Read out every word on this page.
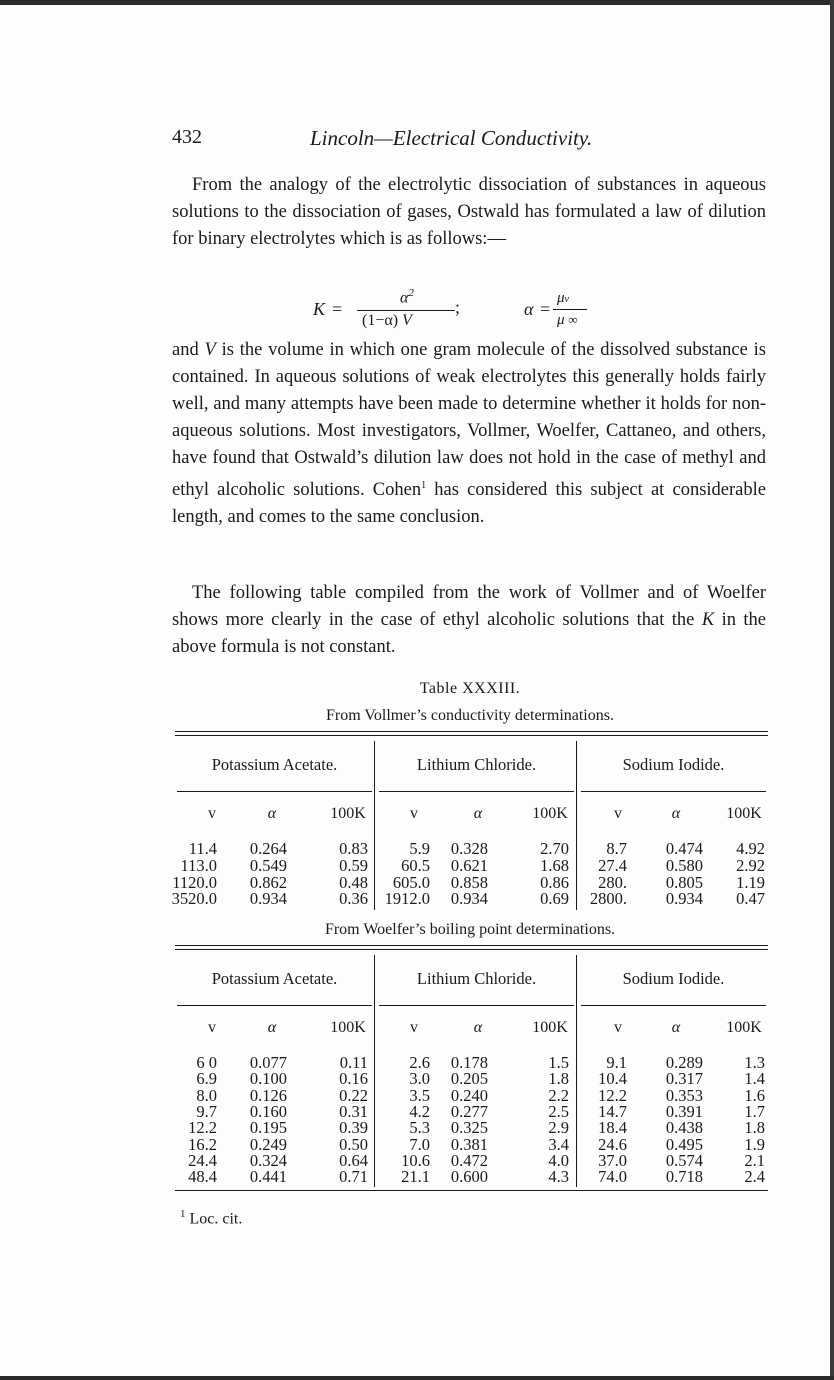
432	Lincoln—Electrical Conductivity.

From the analogy of the electrolytic dissociation of substances in aqueous solutions to the dissociation of gases, Ostwald has formulated a law of dilution for binary electrolytes which is as follows:—

K =
$\alpha^2$
(1−α) V
;	α =
μv
μ ∞

and V is the volume in which one gram molecule of the dissolved substance is contained. In aqueous solutions of weak electrolytes this generally holds fairly well, and many attempts have been made to determine whether it holds for non-aqueous solutions. Most investigators, Vollmer, Woelfer, Cattaneo, and others, have found that Ostwald’s dilution law does not hold in the case of methyl and ethyl alcoholic solutions. Cohen$^1$ has considered this subject at considerable length, and comes to the same conclusion.

The following table compiled from the work of Vollmer and of Woelfer shows more clearly in the case of ethyl alcoholic solutions that the K in the above formula is not constant.

Table XXXIII.
From Vollmer’s conductivity determinations.
From Woelfer’s boiling point determinations.
Potassium Acetate.
v	α	100K
Lithium Chloride.
v	α	100K
Sodium Iodide.
v	α	100K
11.4	0.264	0.83	5.9	0.328	2.70	8.7	0.474	4.92
113.0	0.549	0.59	60.5	0.621	1.68	27.4	0.580	2.92
1120.0	0.862	0.48	605.0	0.858	0.86	280.	0.805	1.19
3520.0	0.934	0.36	1912.0	0.934	0.69	2800.	0.934	0.47
Potassium Acetate.
v	α	100K
Lithium Chloride.
v	α	100K
Sodium Iodide.
v	α	100K
6 0	0.077	0.11	2.6	0.178	1.5	9.1	0.289	1.3
6.9	0.100	0.16	3.0	0.205	1.8	10.4	0.317	1.4
8.0	0.126	0.22	3.5	0.240	2.2	12.2	0.353	1.6
9.7	0.160	0.31	4.2	0.277	2.5	14.7	0.391	1.7
12.2	0.195	0.39	5.3	0.325	2.9	18.4	0.438	1.8
16.2	0.249	0.50	7.0	0.381	3.4	24.6	0.495	1.9
24.4	0.324	0.64	10.6	0.472	4.0	37.0	0.574	2.1
48.4	0.441	0.71	21.1	0.600	4.3	74.0	0.718	2.4
$^1$ Loc. cit.
